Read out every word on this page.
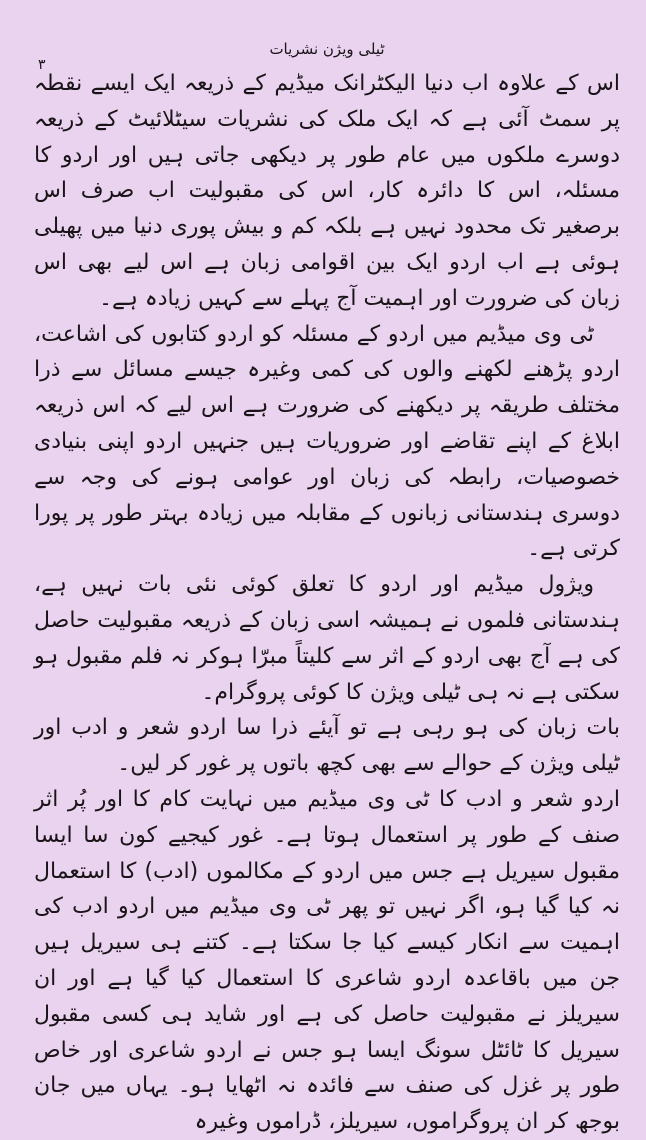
ٹیلی ویژن نشریات
۳

اس کے علاوہ اب دنیا الیکٹرانک میڈیم کے ذریعہ ایک ایسے نقطہ پر سمٹ آئی ہے کہ ایک ملک کی نشریات سیٹلائیٹ کے ذریعہ دوسرے ملکوں میں عام طور پر دیکھی جاتی ہیں اور اردو کا مسئلہ، اس کا دائرہ کار، اس کی مقبولیت اب صرف اس برصغیر تک محدود نہیں ہے بلکہ کم و بیش پوری دنیا میں پھیلی ہوئی ہے اب اردو ایک بین اقوامی زبان ہے اس لیے بھی اس زبان کی ضرورت اور اہمیت آج پہلے سے کہیں زیادہ ہے۔

ٹی وی میڈیم میں اردو کے مسئلہ کو اردو کتابوں کی اشاعت، اردو پڑھنے لکھنے والوں کی کمی وغیرہ جیسے مسائل سے ذرا مختلف طریقہ پر دیکھنے کی ضرورت ہے اس لیے کہ اس ذریعہ ابلاغ کے اپنے تقاضے اور ضروریات ہیں جنہیں اردو اپنی بنیادی خصوصیات، رابطہ کی زبان اور عوامی ہونے کی وجہ سے دوسری ہندستانی زبانوں کے مقابلہ میں زیادہ بہتر طور پر پورا کرتی ہے۔

ویژول میڈیم اور اردو کا تعلق کوئی نئی بات نہیں ہے، ہندستانی فلموں نے ہمیشہ اسی زبان کے ذریعہ مقبولیت حاصل کی ہے آج بھی اردو کے اثر سے کلیتاً مبرّا ہوکر نہ فلم مقبول ہو سکتی ہے نہ ہی ٹیلی ویژن کا کوئی پروگرام۔

بات زبان کی ہو رہی ہے تو آیئے ذرا سا اردو شعر و ادب اور ٹیلی ویژن کے حوالے سے بھی کچھ باتوں پر غور کر لیں۔

اردو شعر و ادب کا ٹی وی میڈیم میں نہایت کام کا اور پُر اثر صنف کے طور پر استعمال ہوتا ہے۔ غور کیجیے کون سا ایسا مقبول سیریل ہے جس میں اردو کے مکالموں (ادب) کا استعمال نہ کیا گیا ہو، اگر نہیں تو پھر ٹی وی میڈیم میں اردو ادب کی اہمیت سے انکار کیسے کیا جا سکتا ہے۔ کتنے ہی سیریل ہیں جن میں باقاعدہ اردو شاعری کا استعمال کیا گیا ہے اور ان سیریلز نے مقبولیت حاصل کی ہے اور شاید ہی کسی مقبول سیریل کا ٹائٹل سونگ ایسا ہو جس نے اردو شاعری اور خاص طور پر غزل کی صنف سے فائدہ نہ اٹھایا ہو۔ یہاں میں جان بوجھ کر ان پروگراموں، سیریلز، ڈراموں وغیرہ
